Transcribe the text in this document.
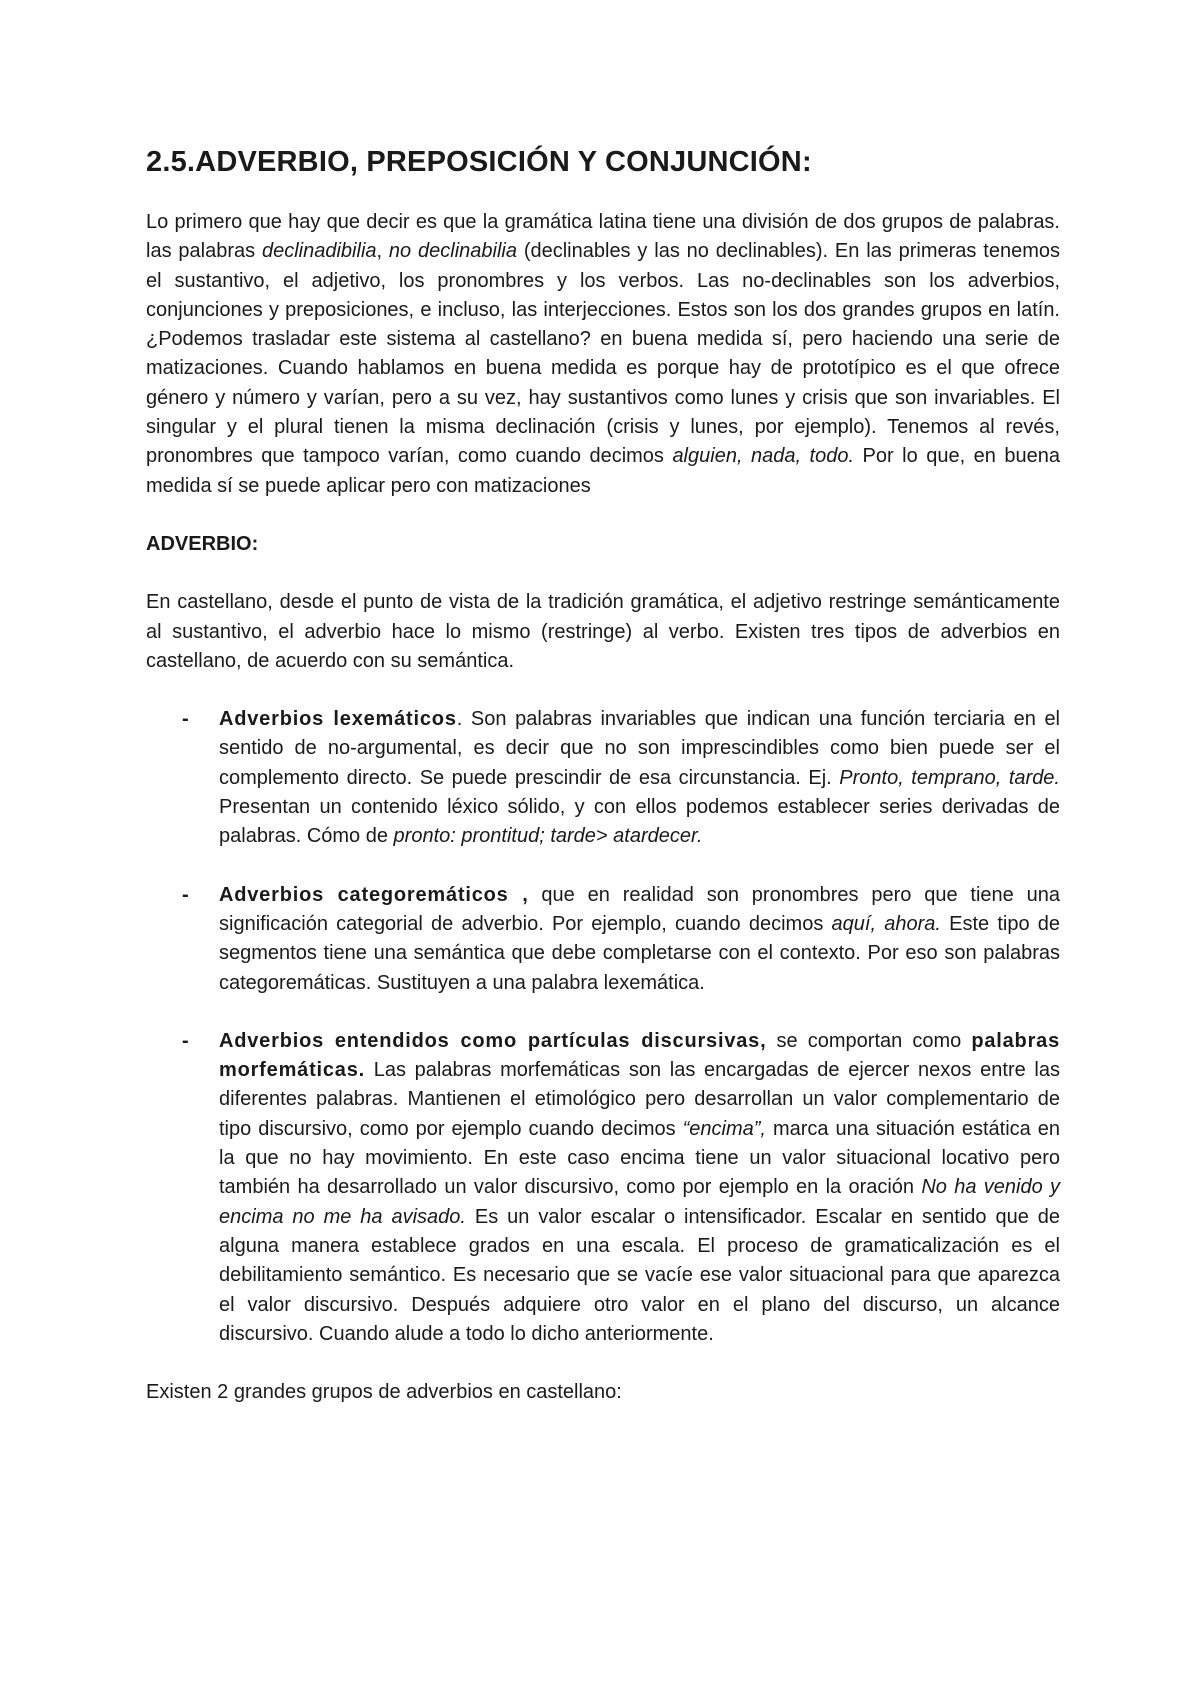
2.5.ADVERBIO, PREPOSICIÓN Y CONJUNCIÓN:

Lo primero que hay que decir es que la gramática latina tiene una división de dos grupos de palabras. las palabras declinadibilia, no declinabilia (declinables y las no declinables). En las primeras tenemos el sustantivo, el adjetivo, los pronombres y los verbos. Las no-declinables son los adverbios, conjunciones y preposiciones, e incluso, las interjecciones. Estos son los dos grandes grupos en latín. ¿Podemos trasladar este sistema al castellano? en buena medida sí, pero haciendo una serie de matizaciones. Cuando hablamos en buena medida es porque hay de prototípico es el que ofrece género y número y varían, pero a su vez, hay sustantivos como lunes y crisis que son invariables. El singular y el plural tienen la misma declinación (crisis y lunes, por ejemplo). Tenemos al revés, pronombres que tampoco varían, como cuando decimos alguien, nada, todo. Por lo que, en buena medida sí se puede aplicar pero con matizaciones

ADVERBIO:

En castellano, desde el punto de vista de la tradición gramática, el adjetivo restringe semánticamente al sustantivo, el adverbio hace lo mismo (restringe) al verbo. Existen tres tipos de adverbios en castellano, de acuerdo con su semántica.

- Adverbios lexemáticos. Son palabras invariables que indican una función terciaria en el sentido de no-argumental, es decir que no son imprescindibles como bien puede ser el complemento directo. Se puede prescindir de esa circunstancia. Ej. Pronto, temprano, tarde. Presentan un contenido léxico sólido, y con ellos podemos establecer series derivadas de palabras. Cómo de pronto: prontitud; tarde> atardecer.
- Adverbios categoremáticos , que en realidad son pronombres pero que tiene una significación categorial de adverbio. Por ejemplo, cuando decimos aquí, ahora. Este tipo de segmentos tiene una semántica que debe completarse con el contexto. Por eso son palabras categoremáticas. Sustituyen a una palabra lexemática.
- Adverbios entendidos como partículas discursivas, se comportan como palabras morfemáticas. Las palabras morfemáticas son las encargadas de ejercer nexos entre las diferentes palabras. Mantienen el etimológico pero desarrollan un valor complementario de tipo discursivo, como por ejemplo cuando decimos “encima”, marca una situación estática en la que no hay movimiento. En este caso encima tiene un valor situacional locativo pero también ha desarrollado un valor discursivo, como por ejemplo en la oración No ha venido y encima no me ha avisado. Es un valor escalar o intensificador. Escalar en sentido que de alguna manera establece grados en una escala. El proceso de gramaticalización es el debilitamiento semántico. Es necesario que se vacíe ese valor situacional para que aparezca el valor discursivo. Después adquiere otro valor en el plano del discurso, un alcance discursivo. Cuando alude a todo lo dicho anteriormente.

Existen 2 grandes grupos de adverbios en castellano:
